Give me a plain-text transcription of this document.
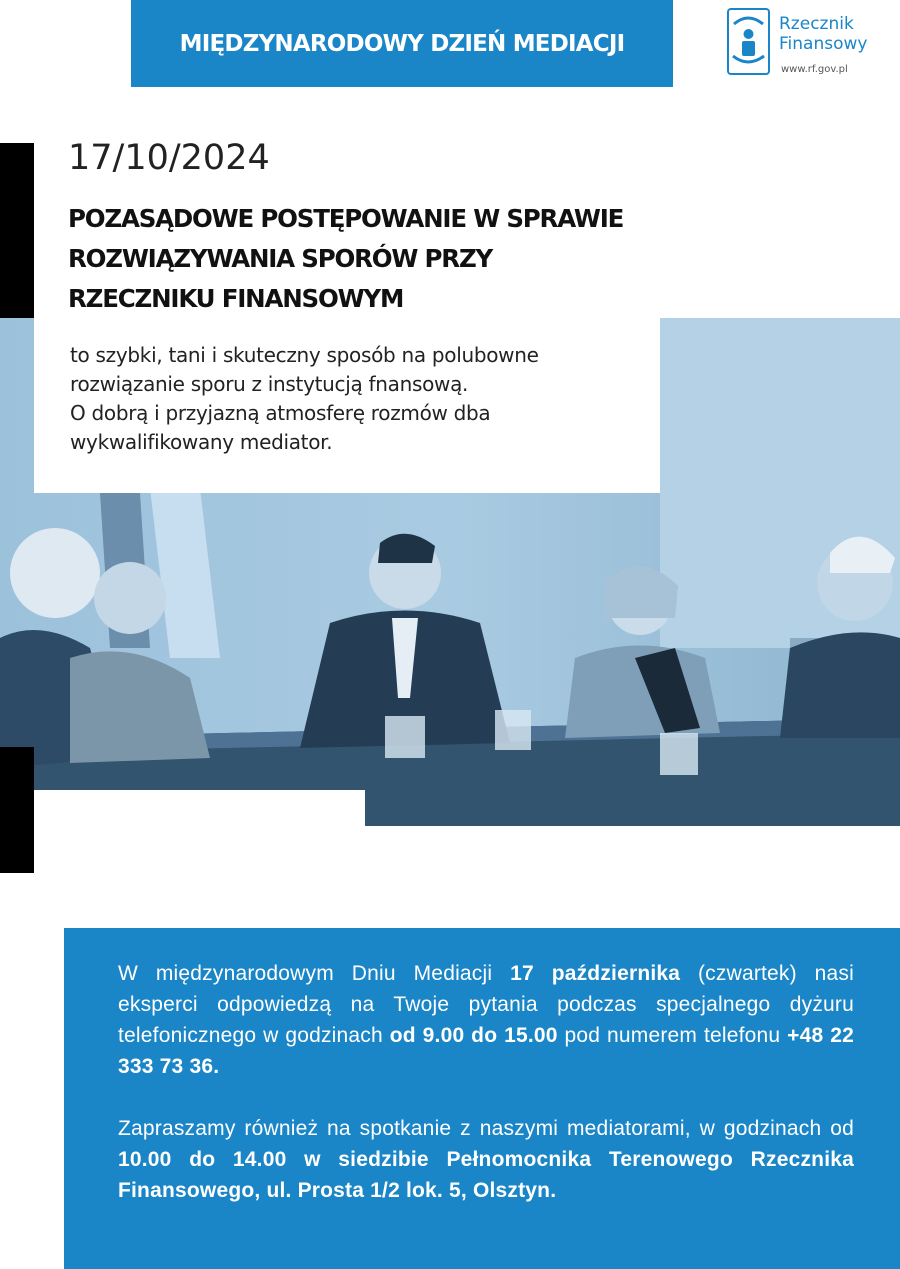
MIĘDZYNARODOWY DZIEŃ MEDIACJI
Rzecznik
Finansowy
www.rf.gov.pl
17/10/2024
POZASĄDOWE POSTĘPOWANIE W SPRAWIE
ROZWIĄZYWANIA SPORÓW PRZY
RZECZNIKU FINANSOWYM
to szybki, tani i skuteczny sposób na polubowne
rozwiązanie sporu z instytucją fnansową.
O dobrą i przyjazną atmosferę rozmów dba
wykwalifikowany mediator.

W międzynarodowym Dniu Mediacji 17 października (czwartek) nasi eksperci odpowiedzą na Twoje pytania podczas specjalnego dyżuru telefonicznego w godzinach od 9.00 do 15.00 pod numerem telefonu +48 22 333 73 36.

Zapraszamy również na spotkanie z naszymi mediatorami, w godzinach od 10.00 do 14.00 w siedzibie Pełnomocnika Terenowego Rzecznika Finansowego, ul. Prosta 1/2 lok. 5, Olsztyn.
